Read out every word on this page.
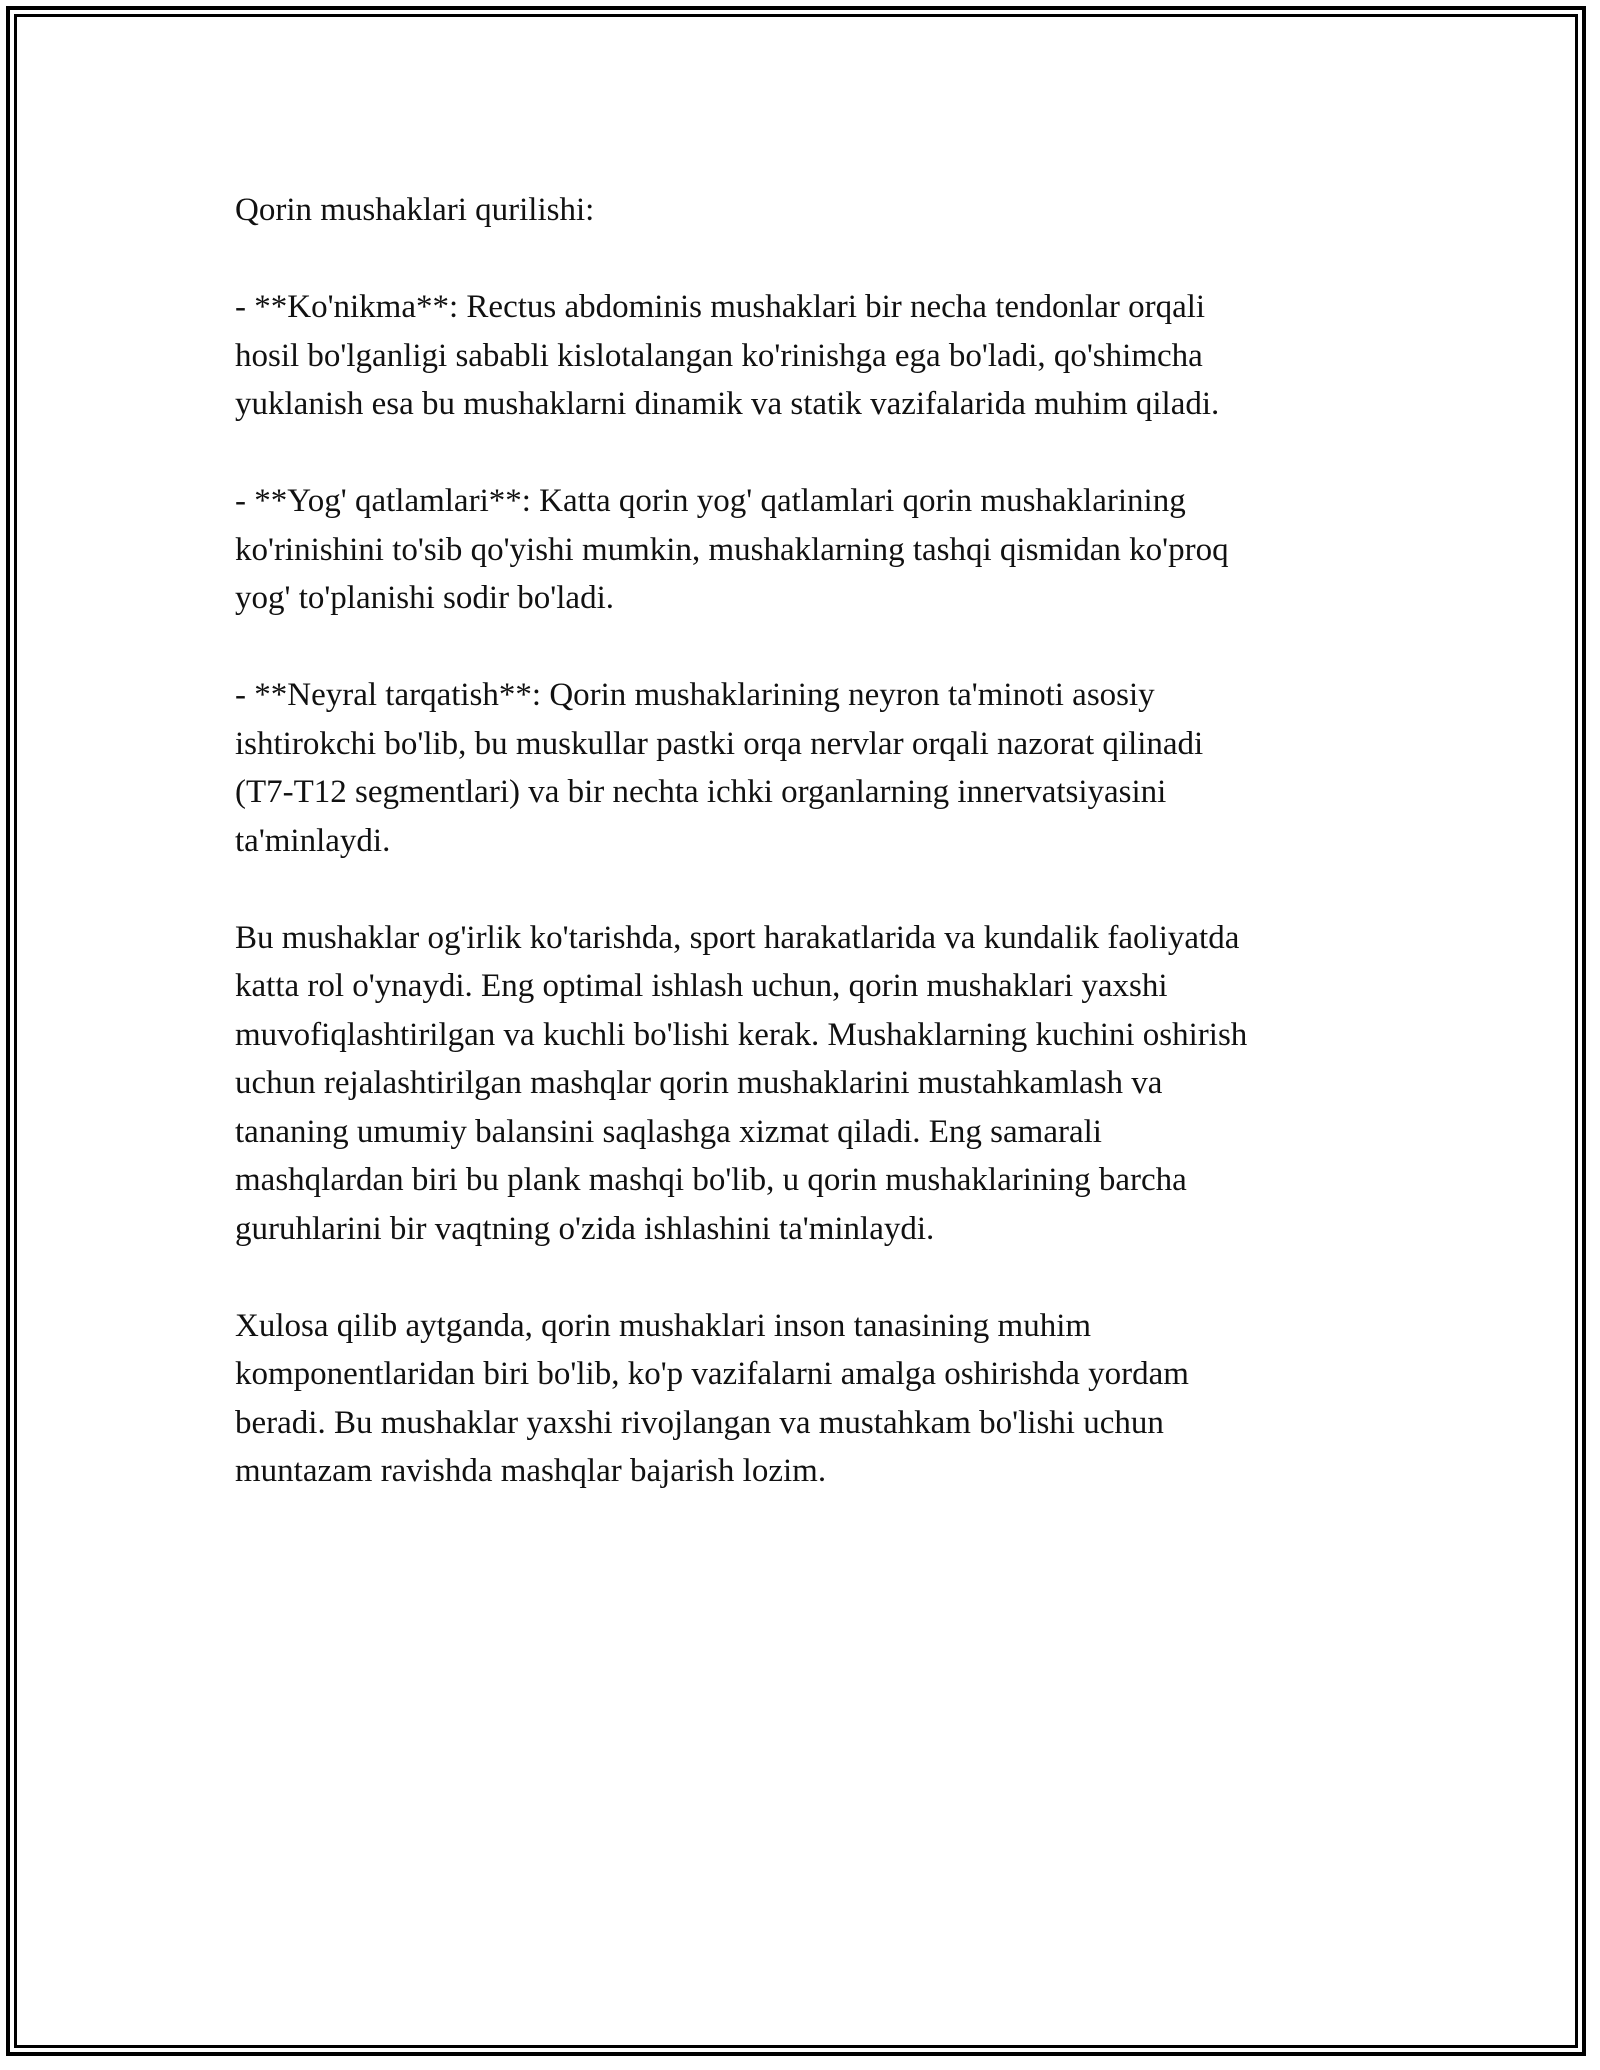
Qorin mushaklari qurilishi:

- **Ko'nikma**: Rectus abdominis mushaklari bir necha tendonlar orqali
hosil bo'lganligi sababli kislotalangan ko'rinishga ega bo'ladi, qo'shimcha
yuklanish esa bu mushaklarni dinamik va statik vazifalarida muhim qiladi.

- **Yog' qatlamlari**: Katta qorin yog' qatlamlari qorin mushaklarining
ko'rinishini to'sib qo'yishi mumkin, mushaklarning tashqi qismidan ko'proq
yog' to'planishi sodir bo'ladi.

- **Neyral tarqatish**: Qorin mushaklarining neyron ta'minoti asosiy
ishtirokchi bo'lib, bu muskullar pastki orqa nervlar orqali nazorat qilinadi
(T7-T12 segmentlari) va bir nechta ichki organlarning innervatsiyasini
ta'minlaydi.

Bu mushaklar og'irlik ko'tarishda, sport harakatlarida va kundalik faoliyatda
katta rol o'ynaydi. Eng optimal ishlash uchun, qorin mushaklari yaxshi
muvofiqlashtirilgan va kuchli bo'lishi kerak. Mushaklarning kuchini oshirish
uchun rejalashtirilgan mashqlar qorin mushaklarini mustahkamlash va
tananing umumiy balansini saqlashga xizmat qiladi. Eng samarali
mashqlardan biri bu plank mashqi bo'lib, u qorin mushaklarining barcha
guruhlarini bir vaqtning o'zida ishlashini ta'minlaydi.

Xulosa qilib aytganda, qorin mushaklari inson tanasining muhim
komponentlaridan biri bo'lib, ko'p vazifalarni amalga oshirishda yordam
beradi. Bu mushaklar yaxshi rivojlangan va mustahkam bo'lishi uchun
muntazam ravishda mashqlar bajarish lozim.
